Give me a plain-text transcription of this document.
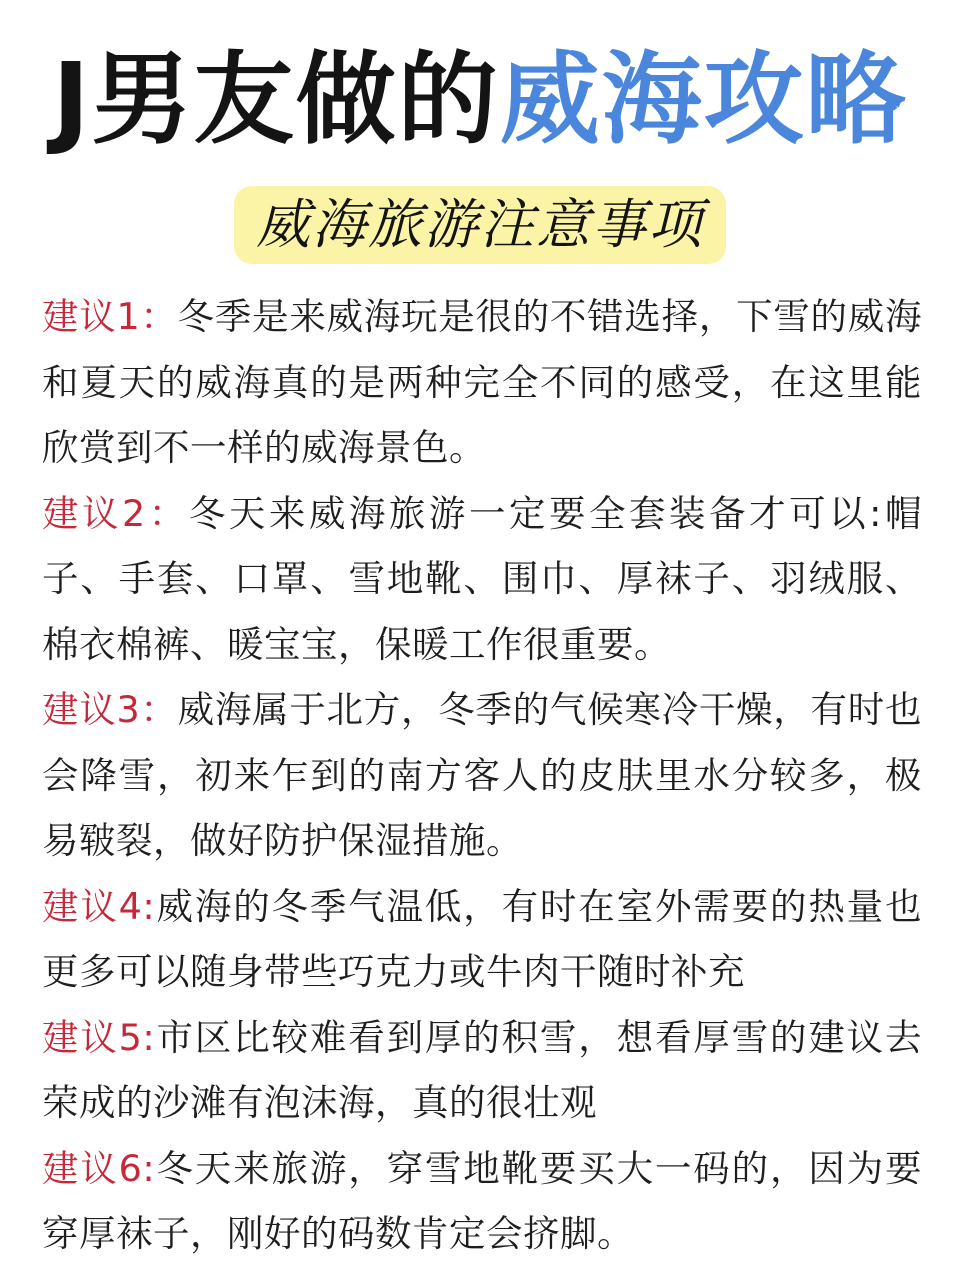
J男友做的威海攻略
威海旅游注意事项
建议1：冬季是来威海玩是很的不错选择，下雪的威海和夏天的威海真的是两种完全不同的感受，在这里能欣赏到不一样的威海景色。
建议2：冬天来威海旅游一定要全套装备才可以:帽子、手套、口罩、雪地靴、围巾、厚袜子、羽绒服、棉衣棉裤、暖宝宝，保暖工作很重要。
建议3：威海属于北方，冬季的气候寒冷干燥，有时也会降雪，初来乍到的南方客人的皮肤里水分较多，极易皲裂，做好防护保湿措施。
建议4:威海的冬季气温低，有时在室外需要的热量也更多可以随身带些巧克力或牛肉干随时补充
建议5:市区比较难看到厚的积雪，想看厚雪的建议去荣成的沙滩有泡沫海，真的很壮观
建议6:冬天来旅游，穿雪地靴要买大一码的，因为要穿厚袜子，刚好的码数肯定会挤脚。
